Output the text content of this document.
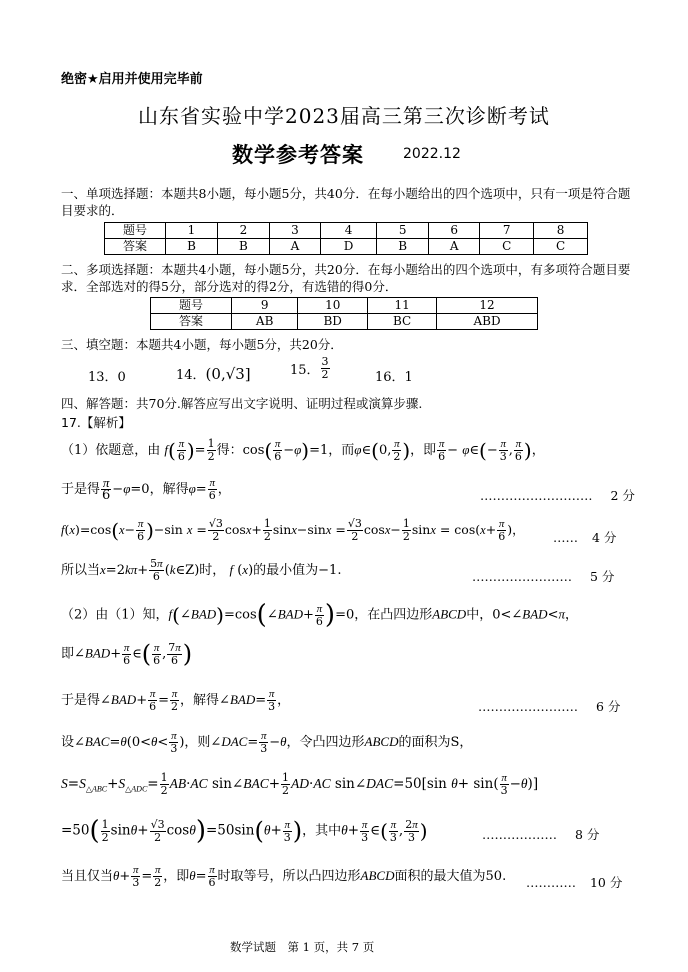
绝密★启用并使用完毕前
山东省实验中学2023届高三第三次诊断考试
数学参考答案	2022.12
一、单项选择题：本题共8小题，每小题5分，共40分．在每小题给出的四个选项中，只有一项是符合题目要求的．
题号	1	2	3	4	5	6	7	8
答案	B	B	A	D	B	A	C	C
二、多项选择题：本题共4小题，每小题5分，共20分．在每小题给出的四个选项中，有多项符合题目要求．全部选对的得5分，部分选对的得2分，有选错的得0分．
题号	9	10	11	12
答案	AB	BD	BC	ABD
三、填空题：本题共4小题，每小题5分，共20分．
13．0	14．(0,√3]	15． $\frac{3}{2}$	16．1
四、解答题：共70分.解答应写出文字说明、证明过程或演算步骤.
17.【解析】
（1）依题意，由 $f( \frac{\pi}{6}$ )= $\frac{1}{2}$ 得：$\cos( \frac{\pi}{6} -\varphi)=1$，而φ∈(0, $\frac{\pi}{2}$ )，即 $\frac{\pi}{6}$ − φ∈(− $\frac{\pi}{3}$ , $\frac{\pi}{6}$ )，
于是得 $\frac{\pi}{6} -\varphi=0$，解得$\varphi= \frac{\pi}{6}$ ，	……………………… 2 分
$f(x)=\cos(x- \frac{\pi}{6} )-\sin$ $x = \frac{√3}{2} \cos x+ \frac{1}{2} \sin x-\sin x = \frac{√3}{2} \cos x- \frac{1}{2}$ $\sin x = \cos(x+ \frac{\pi}{6}$ )，
…… 4 分
所以当$x=2k\pi+ \frac{5\pi}{6}$ (k∈Z)时， f (x)的最小值为−1.	…………………… 5 分
（2）由（1）知，f(∠BAD)=cos(∠BAD+ $\frac{\pi}{6} )=0$，在凸四边形ABCD中，0<∠BAD<π，
即∠BAD+ $\frac{\pi}{6}$ ∈( $\frac{\pi}{6}$ , $\frac{7\pi}{6}$ )
于是得∠BAD+ $\frac{\pi}{6} = \frac{\pi}{2}$ ，解得∠BAD= $\frac{\pi}{3}$ ，	…………………… 6 分
设∠BAC=θ(0<θ< $\frac{\pi}{3}$ )，则∠DAC= $\frac{\pi}{3} -\theta$，令凸四边形ABCD的面积为S，
$S=S_{\triangle ABC}+S_{\triangle ADC}= \frac{1}{2} AB\cdot AC$ sin∠BAC+ $\frac{1}{2} AD\cdot AC$ sin∠DAC=50[sin $\theta+ \sin( \frac{\pi}{3} -\theta)$]
$=50( \frac{1}{2} \sin\theta+ \frac{√3}{2} \cos\theta)=50\sin(\theta+ \frac{\pi}{3}$ )，其中$\theta+ \frac{\pi}{3}$ ∈( $\frac{\pi}{3}$ , $\frac{2\pi}{3}$ )	……………… 8 分
当且仅当$\theta+ \frac{\pi}{3} = \frac{\pi}{2}$ ，即$\theta= \frac{\pi}{6}$ 时取等号，所以凸四边形ABCD面积的最大值为50. ………… 10 分
数学试题　第 1 页，共 7 页
